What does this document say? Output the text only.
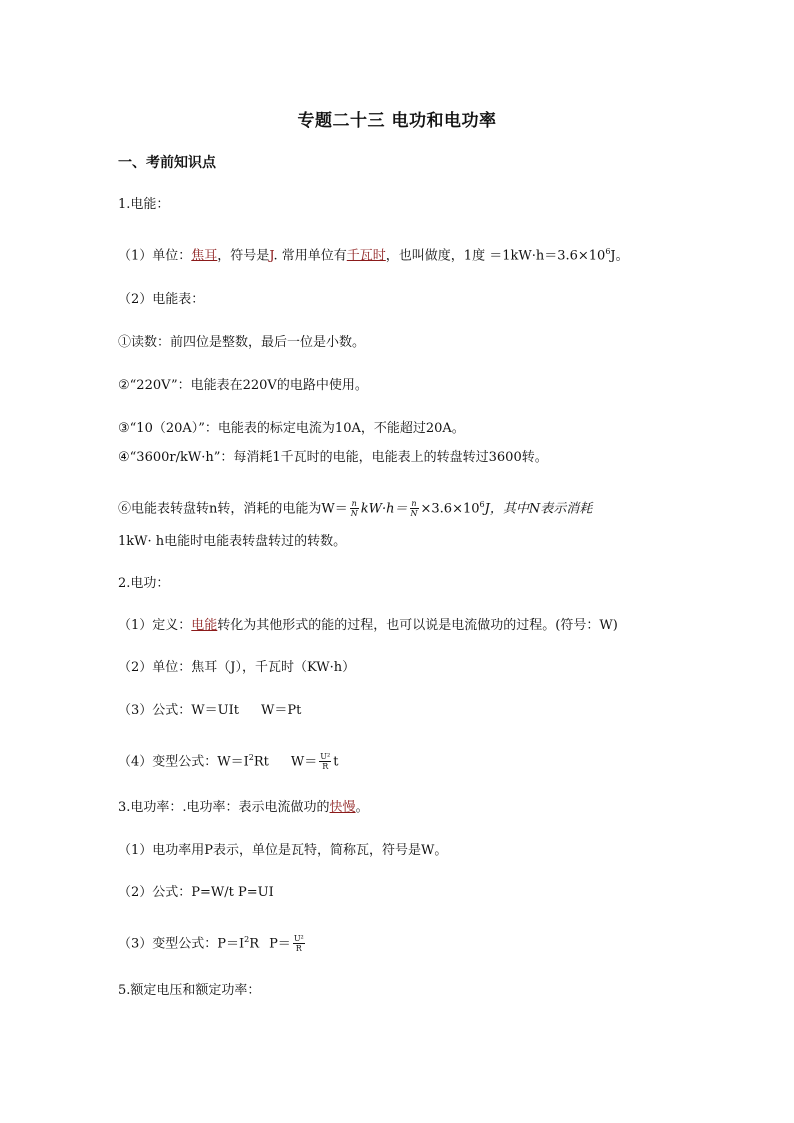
专题二十三 电功和电功率
一、考前知识点
1.电能：
（1）单位：焦耳，符号是J. 常用单位有千瓦时，也叫做度，1度 $=1kW\cdot h=3.6\times 10^6J$。
（2）电能表：
①读数：前四位是整数，最后一位是小数。
②“220V”：电能表在220V的电路中使用。
③“10（20A）”：电能表的标定电流为10A，不能超过20A。
④“3600r/kW·h”：每消耗1千瓦时的电能，电能表上的转盘转过3600转。
⑥电能表转盘转n转，消耗的电能为$W= \frac{n}{N} kW\cdot h= \frac{n}{N} \times 3.6\times 10^6J$，其中N表示消耗
1kW· h电能时电能表转盘转过的转数。
2.电功：
（1）定义：电能转化为其他形式的能的过程，也可以说是电流做功的过程。(符号：W)
（2）单位：焦耳（J），千瓦时（KW·h）
（3）公式：W＝UIt W＝Pt
（4）变型公式：$W=I^2Rt$ $W= \frac{\text{U²}}{R}$ t
3.电功率：.电功率：表示电流做功的快慢。
（1）电功率用P表示，单位是瓦特，简称瓦，符号是W。
（2）公式：P=W/t P=UI
（3）变型公式：$P=I^2R$ $P= \frac{\text{U²}}{R}$
5.额定电压和额定功率：
